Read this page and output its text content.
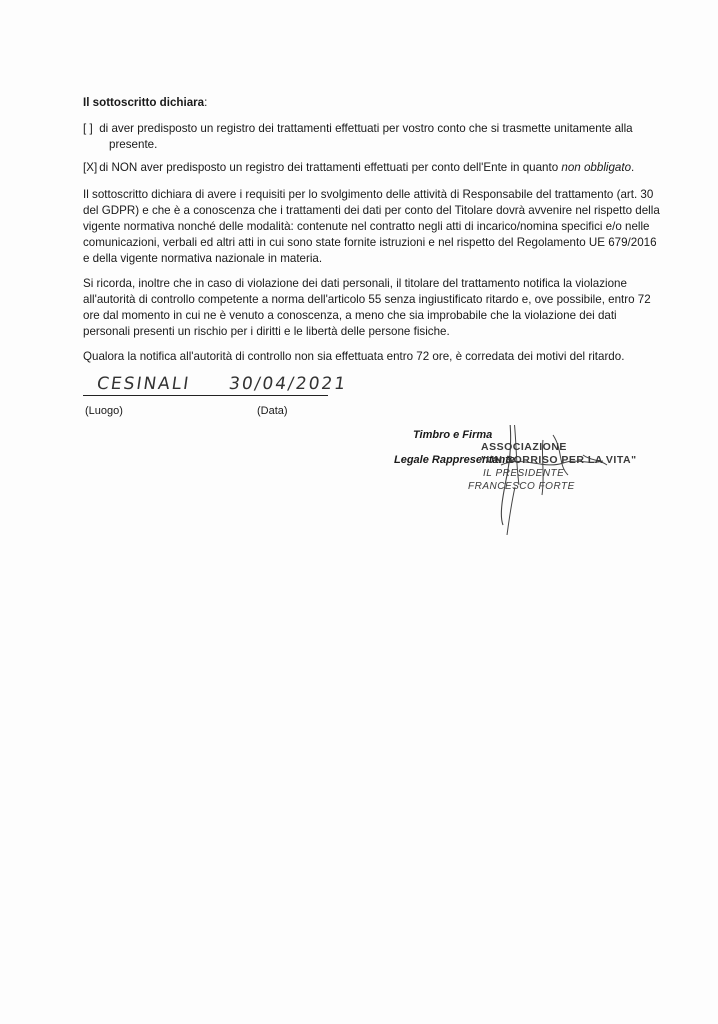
Il sottoscritto dichiara:

[ ] di aver predisposto un registro dei trattamenti effettuati per vostro conto che si trasmette unitamente alla
presente.
[X] di NON aver predisposto un registro dei trattamenti effettuati per conto dell'Ente in quanto non obbligato.

Il sottoscritto dichiara di avere i requisiti per lo svolgimento delle attività di Responsabile del trattamento (art. 30 del GDPR) e che è a conoscenza che i trattamenti dei dati per conto del Titolare dovrà avvenire nel rispetto della vigente normativa nonché delle modalità: contenute nel contratto negli atti di incarico/nomina specifici e/o nelle comunicazioni, verbali ed altri atti in cui sono state fornite istruzioni e nel rispetto del Regolamento UE 679/2016 e della vigente normativa nazionale in materia.

Si ricorda, inoltre che in caso di violazione dei dati personali, il titolare del trattamento notifica la violazione all'autorità di controllo competente a norma dell'articolo 55 senza ingiustificato ritardo e, ove possibile, entro 72 ore dal momento in cui ne è venuto a conoscenza, a meno che sia improbabile che la violazione dei dati personali presenti un rischio per i diritti e le libertà delle persone fisiche.

Qualora la notifica all'autorità di controllo non sia effettuata entro 72 ore, è corredata dei motivi del ritardo.

CESINALI 30/04/2021
(Luogo)	(Data)
Timbro e Firma
Legale Rappresentante
ASSOCIAZIONE
"UN SORRISO PER LA VITA"
IL PRESIDENTE
FRANCESCO FORTE
